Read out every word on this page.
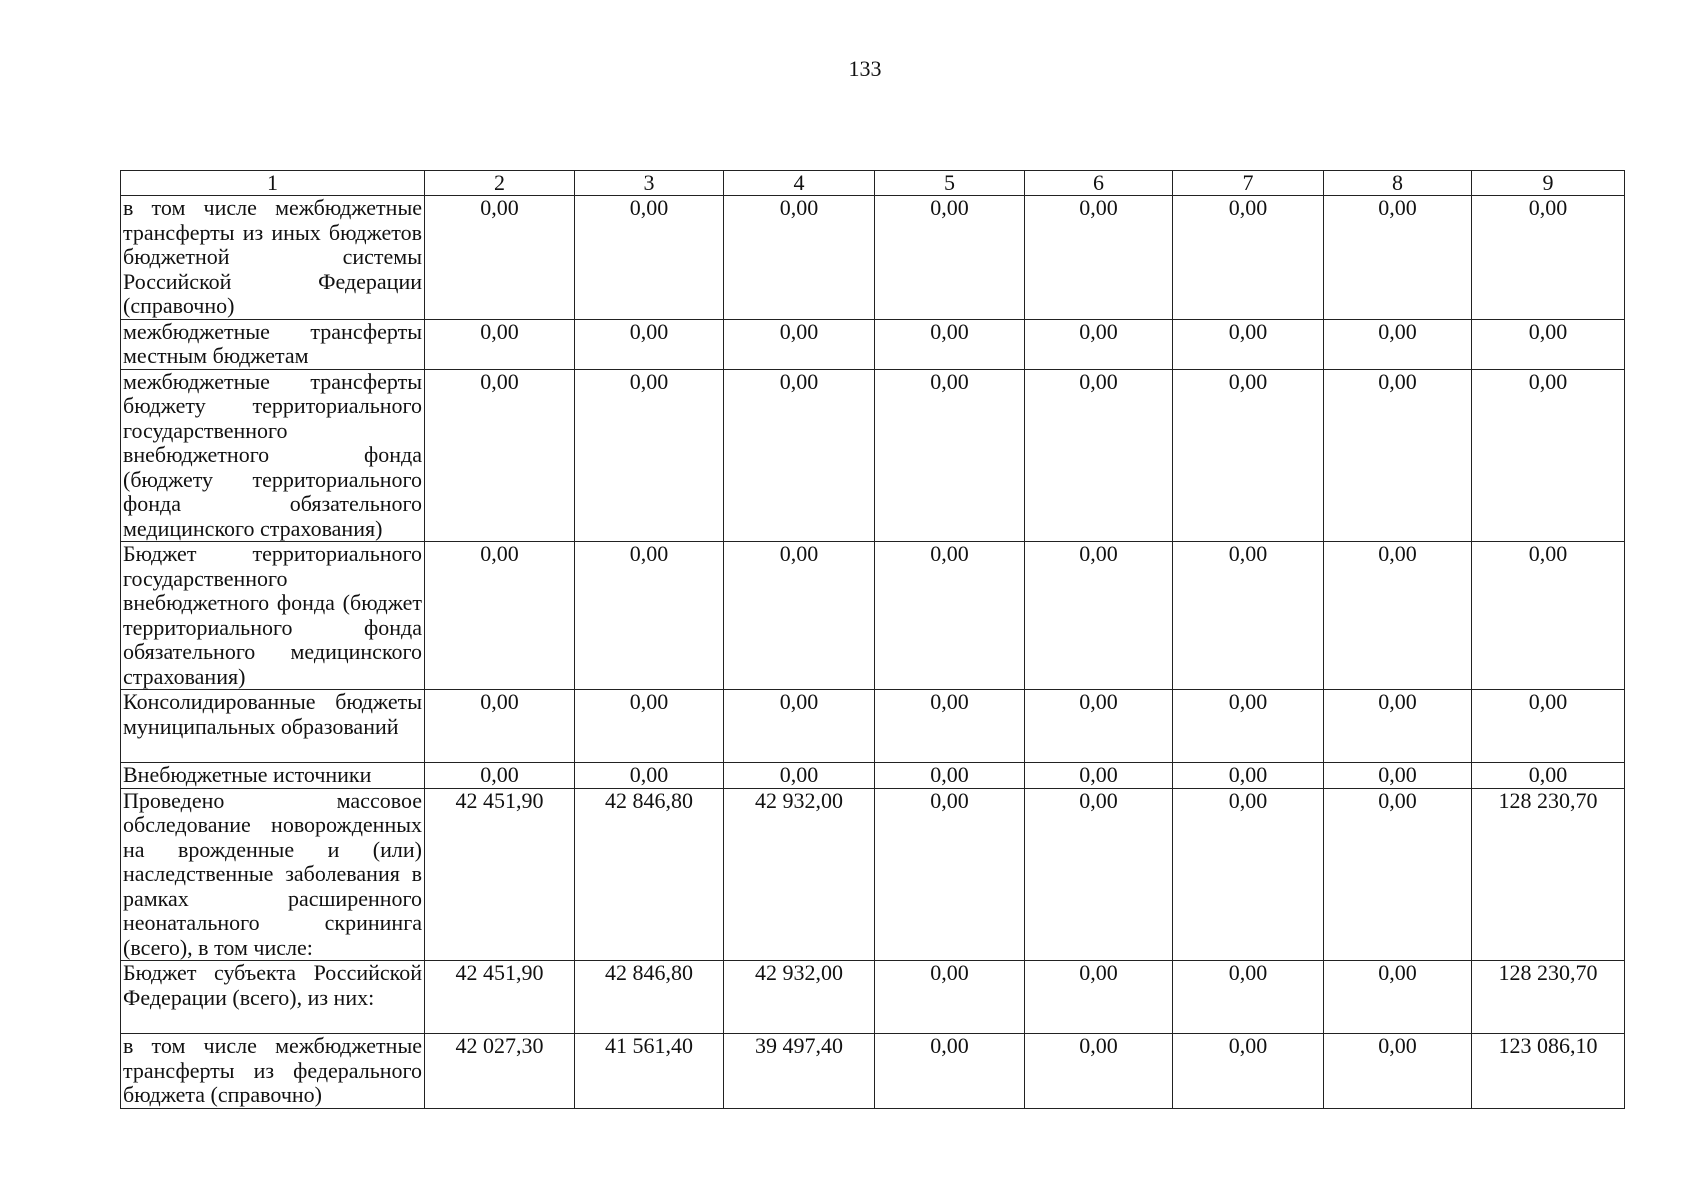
133
1	2	3	4	5	6	7	8	9
в том числе межбюджетные трансферты из иных бюджетов бюджетной системы Российской Федерации (справочно)	0,00	0,00	0,00	0,00	0,00	0,00	0,00	0,00
межбюджетные трансферты местным бюджетам	0,00	0,00	0,00	0,00	0,00	0,00	0,00	0,00
межбюджетные трансферты бюджету территориального государственного внебюджетного фонда (бюджету территориального фонда обязательного медицинского страхования)	0,00	0,00	0,00	0,00	0,00	0,00	0,00	0,00
Бюджет территориального государственного внебюджетного фонда (бюджет территориального фонда обязательного медицинского страхования)	0,00	0,00	0,00	0,00	0,00	0,00	0,00	0,00
Консолидированные бюджеты муниципальных образований	0,00	0,00	0,00	0,00	0,00	0,00	0,00	0,00
Внебюджетные источники	0,00	0,00	0,00	0,00	0,00	0,00	0,00	0,00
Проведено массовое обследование новорожденных на врожденные и (или) наследственные заболевания в рамках расширенного неонатального скрининга (всего), в том числе:	42 451,90	42 846,80	42 932,00	0,00	0,00	0,00	0,00	128 230,70
Бюджет субъекта Российской Федерации (всего), из них:	42 451,90	42 846,80	42 932,00	0,00	0,00	0,00	0,00	128 230,70
в том числе межбюджетные трансферты из федерального бюджета (справочно)	42 027,30	41 561,40	39 497,40	0,00	0,00	0,00	0,00	123 086,10
